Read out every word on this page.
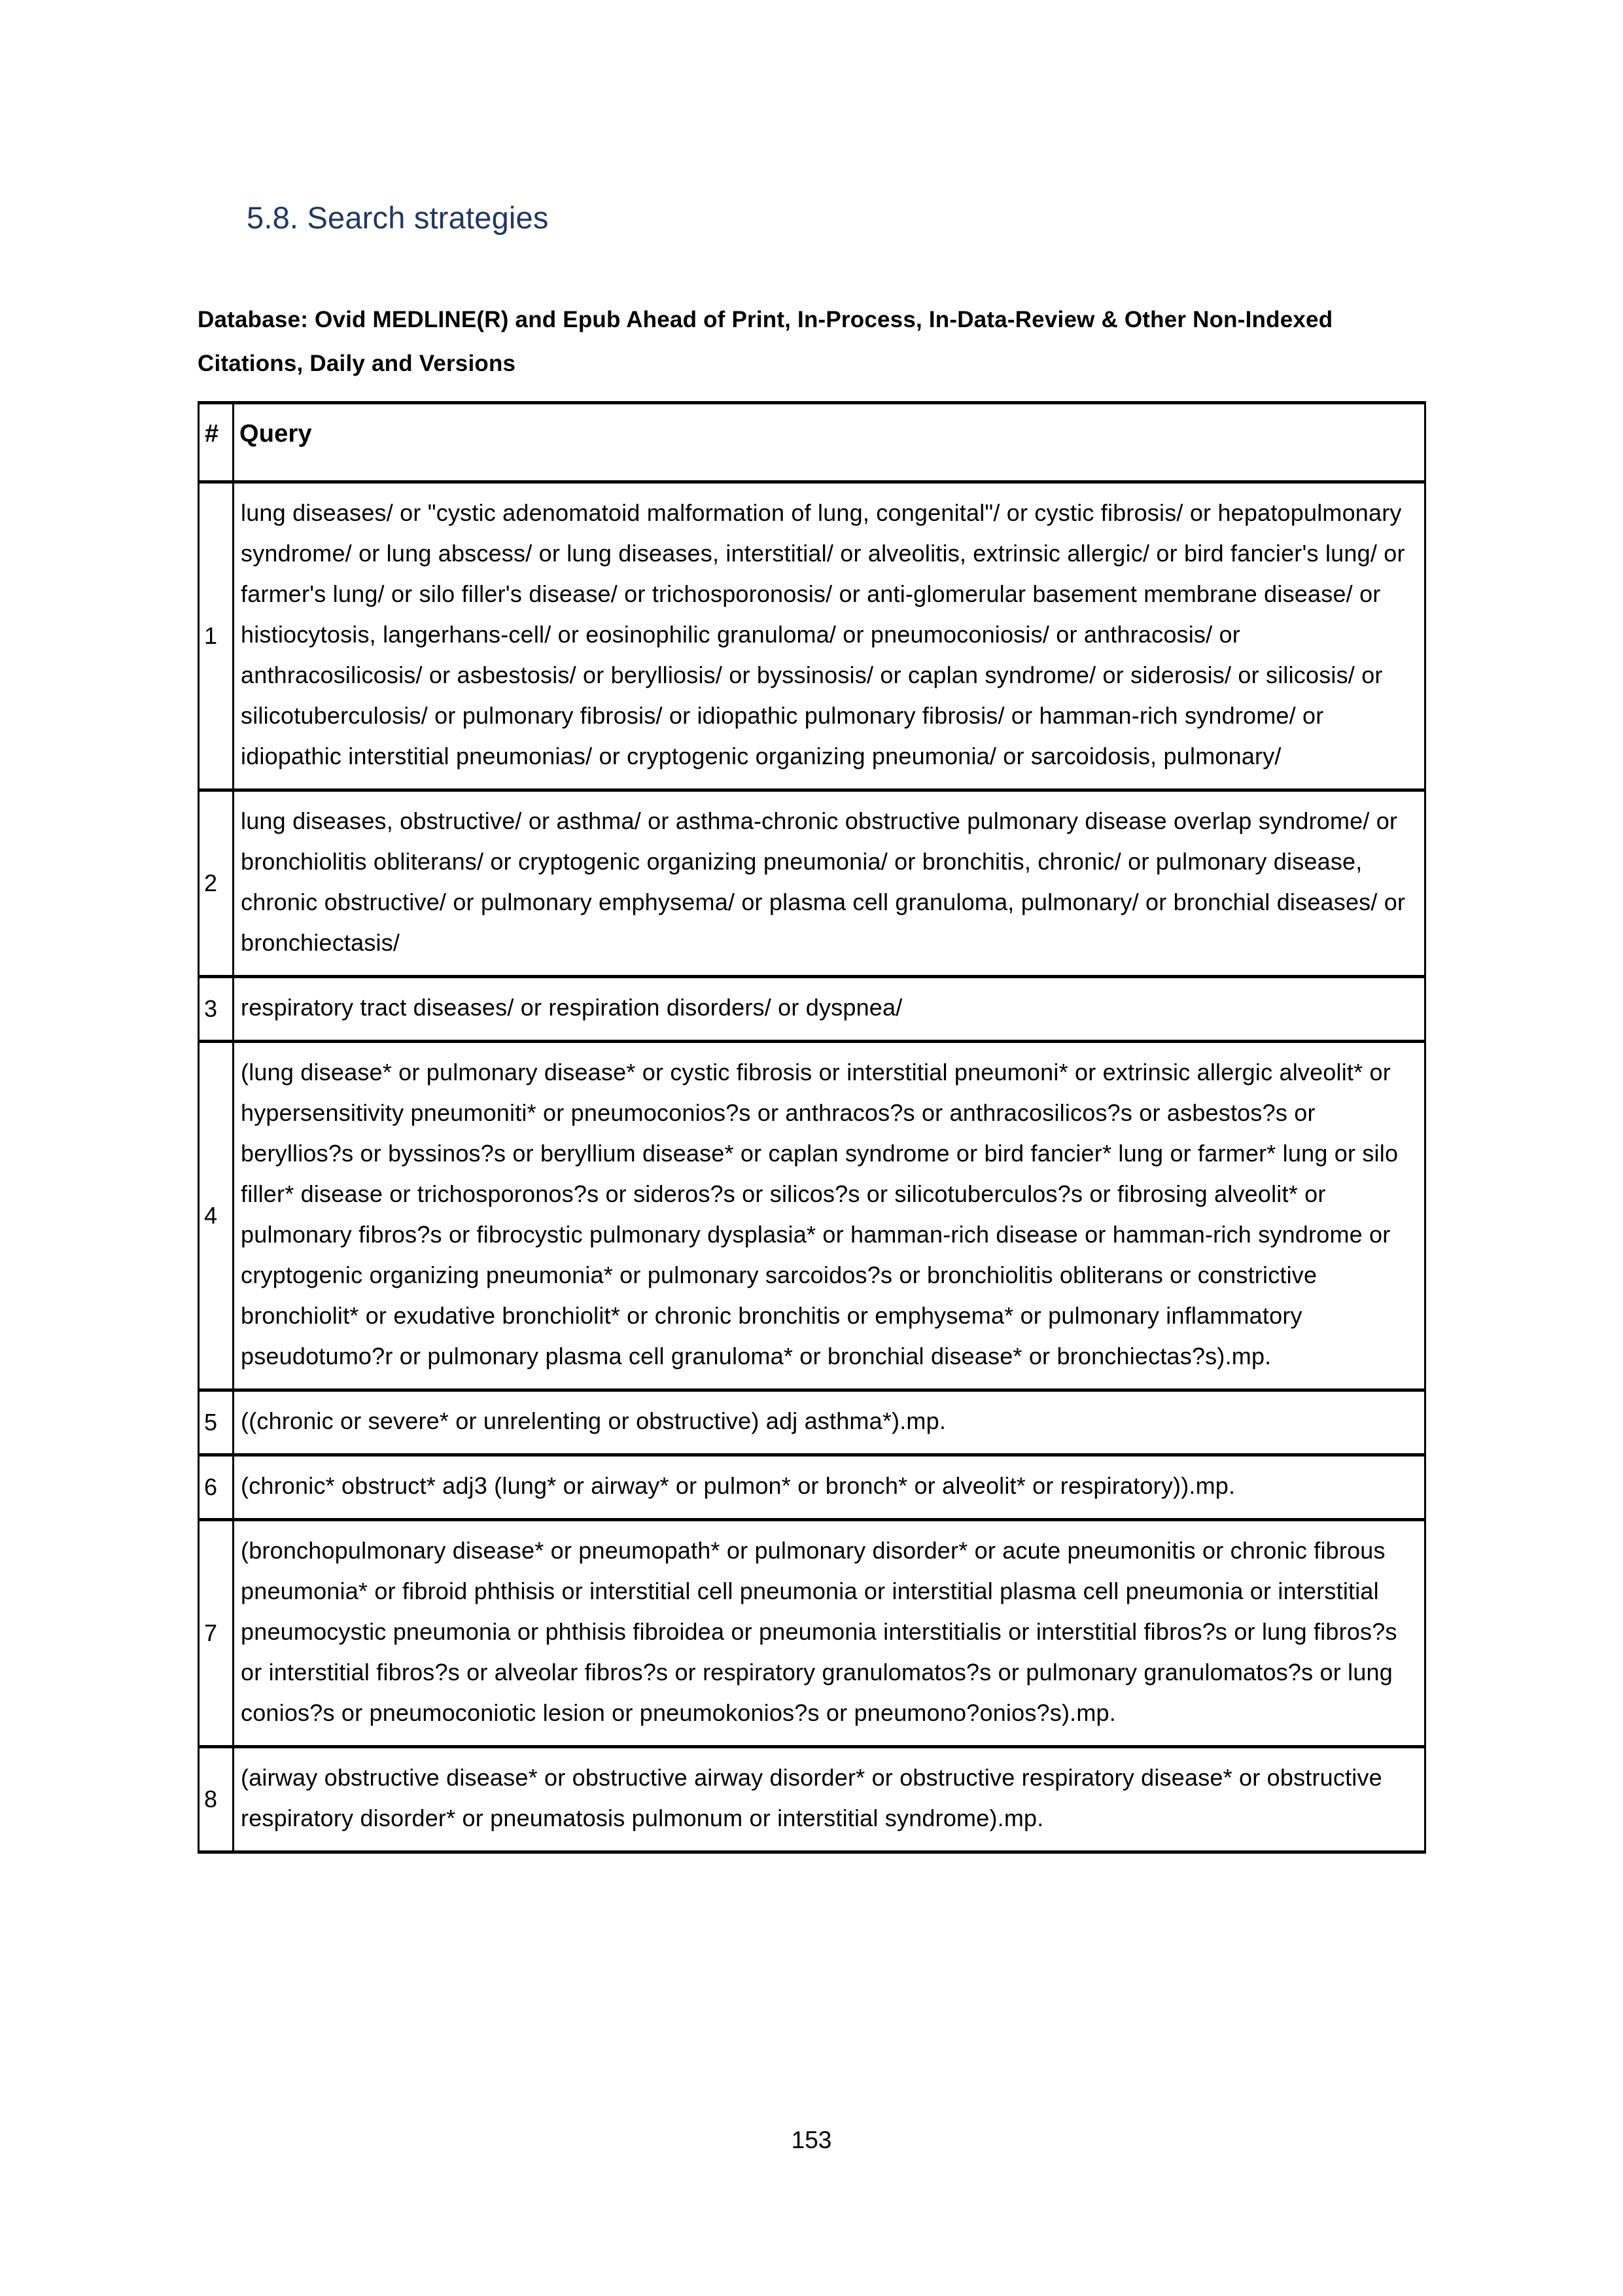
5.8. Search strategies

Database: Ovid MEDLINE(R) and Epub Ahead of Print, In-Process, In-Data-Review & Other Non-Indexed Citations, Daily and Versions

#	Query
1	lung diseases/ or "cystic adenomatoid malformation of lung, congenital"/ or cystic fibrosis/ or hepatopulmonary syndrome/ or lung abscess/ or lung diseases, interstitial/ or alveolitis, extrinsic allergic/ or bird fancier's lung/ or farmer's lung/ or silo filler's disease/ or trichosporonosis/ or anti-glomerular basement membrane disease/ or histiocytosis, langerhans-cell/ or eosinophilic granuloma/ or pneumoconiosis/ or anthracosis/ or anthracosilicosis/ or asbestosis/ or berylliosis/ or byssinosis/ or caplan syndrome/ or siderosis/ or silicosis/ or silicotuberculosis/ or pulmonary fibrosis/ or idiopathic pulmonary fibrosis/ or hamman-rich syndrome/ or idiopathic interstitial pneumonias/ or cryptogenic organizing pneumonia/ or sarcoidosis, pulmonary/
2	lung diseases, obstructive/ or asthma/ or asthma-chronic obstructive pulmonary disease overlap syndrome/ or bronchiolitis obliterans/ or cryptogenic organizing pneumonia/ or bronchitis, chronic/ or pulmonary disease, chronic obstructive/ or pulmonary emphysema/ or plasma cell granuloma, pulmonary/ or bronchial diseases/ or bronchiectasis/
3	respiratory tract diseases/ or respiration disorders/ or dyspnea/
4	(lung disease* or pulmonary disease* or cystic fibrosis or interstitial pneumoni* or extrinsic allergic alveolit* or hypersensitivity pneumoniti* or pneumoconios?s or anthracos?s or anthracosilicos?s or asbestos?s or beryllios?s or byssinos?s or beryllium disease* or caplan syndrome or bird fancier* lung or farmer* lung or silo filler* disease or trichosporonos?s or sideros?s or silicos?s or silicotuberculos?s or fibrosing alveolit* or pulmonary fibros?s or fibrocystic pulmonary dysplasia* or hamman-rich disease or hamman-rich syndrome or cryptogenic organizing pneumonia* or pulmonary sarcoidos?s or bronchiolitis obliterans or constrictive bronchiolit* or exudative bronchiolit* or chronic bronchitis or emphysema* or pulmonary inflammatory pseudotumo?r or pulmonary plasma cell granuloma* or bronchial disease* or bronchiectas?s).mp.
5	((chronic or severe* or unrelenting or obstructive) adj asthma*).mp.
6	(chronic* obstruct* adj3 (lung* or airway* or pulmon* or bronch* or alveolit* or respiratory)).mp.
7	(bronchopulmonary disease* or pneumopath* or pulmonary disorder* or acute pneumonitis or chronic fibrous pneumonia* or fibroid phthisis or interstitial cell pneumonia or interstitial plasma cell pneumonia or interstitial pneumocystic pneumonia or phthisis fibroidea or pneumonia interstitialis or interstitial fibros?s or lung fibros?s or interstitial fibros?s or alveolar fibros?s or respiratory granulomatos?s or pulmonary granulomatos?s or lung conios?s or pneumoconiotic lesion or pneumokonios?s or pneumono?onios?s).mp.
8	(airway obstructive disease* or obstructive airway disorder* or obstructive respiratory disease* or obstructive respiratory disorder* or pneumatosis pulmonum or interstitial syndrome).mp.
153
